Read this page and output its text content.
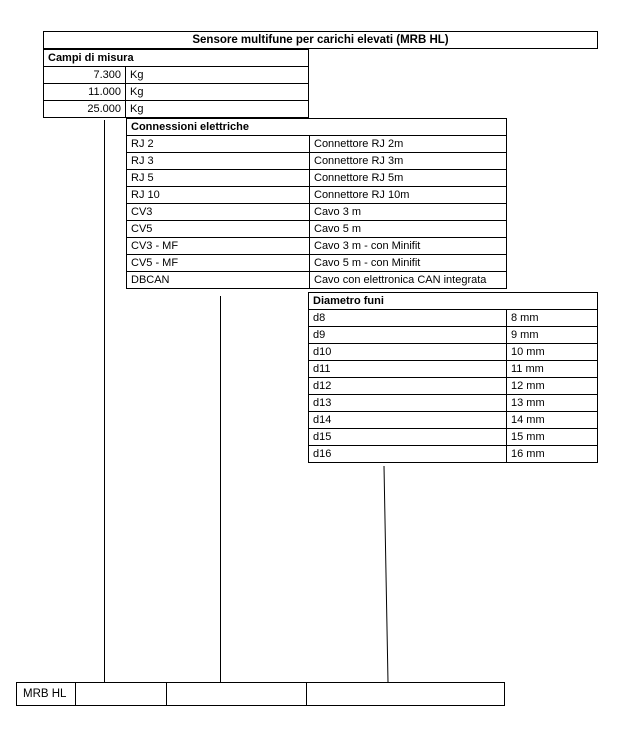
Sensore multifune per carichi elevati (MRB HL)
Campi di misura	
7.300	Kg
11.000	Kg
25.000	Kg
Connessioni elettriche	
RJ 2	Connettore RJ 2m
RJ 3	Connettore RJ 3m
RJ 5	Connettore RJ 5m
RJ 10	Connettore RJ 10m
CV3	Cavo 3 m
CV5	Cavo 5 m
CV3 - MF	Cavo 3 m - con Minifit
CV5 - MF	Cavo 5 m - con Minifit
DBCAN	Cavo con elettronica CAN integrata
Diametro funi	
d8	8 mm
d9	9 mm
d10	10 mm
d11	11 mm
d12	12 mm
d13	13 mm
d14	14 mm
d15	15 mm
d16	16 mm
MRB HL			
